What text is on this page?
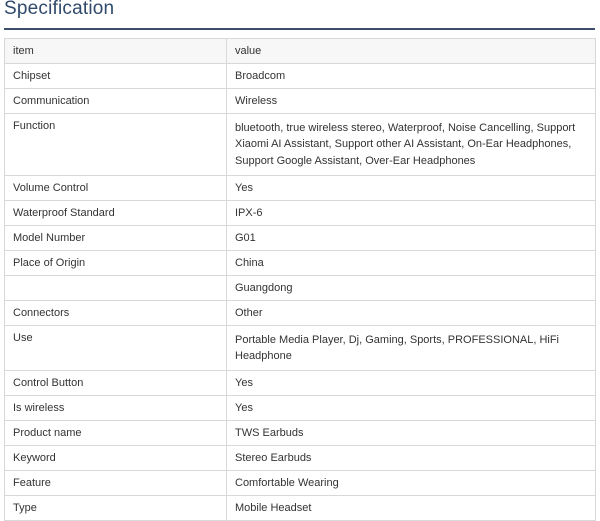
Specification
item	value
Chipset	Broadcom
Communication	Wireless
Function	bluetooth, true wireless stereo, Waterproof, Noise Cancelling, Support Xiaomi AI Assistant, Support other AI Assistant, On-Ear Headphones, Support Google Assistant, Over-Ear Headphones
Volume Control	Yes
Waterproof Standard	IPX-6
Model Number	G01
Place of Origin	China
	Guangdong
Connectors	Other
Use	Portable Media Player, Dj, Gaming, Sports, PROFESSIONAL, HiFi Headphone
Control Button	Yes
Is wireless	Yes
Product name	TWS Earbuds
Keyword	Stereo Earbuds
Feature	Comfortable Wearing
Type	Mobile Headset
